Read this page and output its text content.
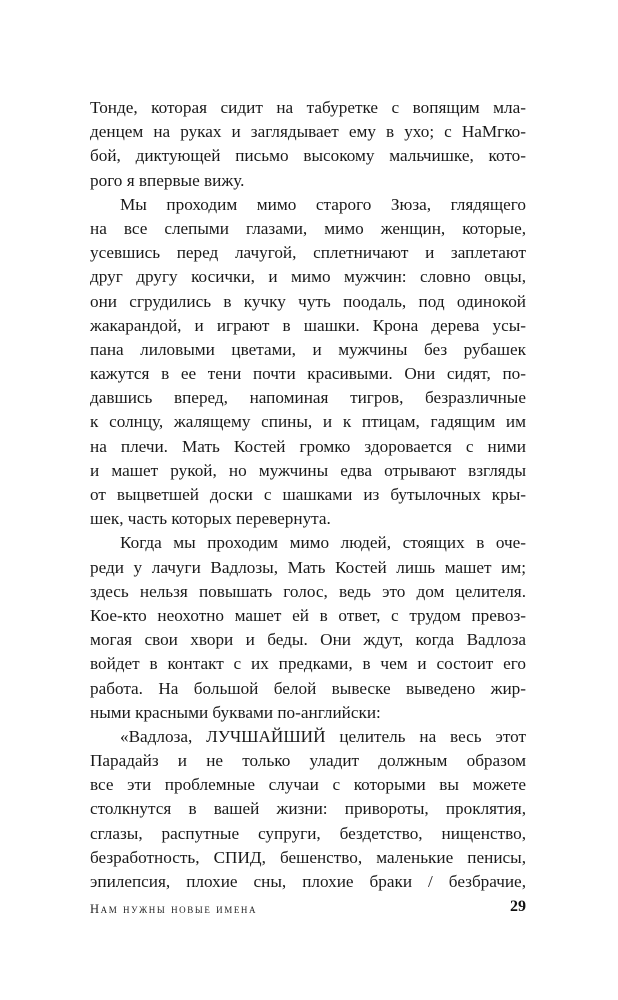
Тонде, которая сидит на табуретке с вопящим мла-
денцем на руках и заглядывает ему в ухо; с НаМгко-
бой, диктующей письмо высокому мальчишке, кото-
рого я впервые вижу.
Мы проходим мимо старого Зюза, глядящего
на все слепыми глазами, мимо женщин, которые,
усевшись перед лачугой, сплетничают и заплетают
друг другу косички, и мимо мужчин: словно овцы,
они сгрудились в кучку чуть поодаль, под одинокой
жакарандой, и играют в шашки. Крона дерева усы-
пана лиловыми цветами, и мужчины без рубашек
кажутся в ее тени почти красивыми. Они сидят, по-
давшись вперед, напоминая тигров, безразличные
к солнцу, жалящему спины, и к птицам, гадящим им
на плечи. Мать Костей громко здоровается с ними
и машет рукой, но мужчины едва отрывают взгляды
от выцветшей доски с шашками из бутылочных кры-
шек, часть которых перевернута.
Когда мы проходим мимо людей, стоящих в оче-
реди у лачуги Вадлозы, Мать Костей лишь машет им;
здесь нельзя повышать голос, ведь это дом целителя.
Кое-кто неохотно машет ей в ответ, с трудом превоз-
могая свои хвори и беды. Они ждут, когда Вадлоза
войдет в контакт с их предками, в чем и состоит его
работа. На большой белой вывеске выведено жир-
ными красными буквами по-английски:
«Вадлоза, ЛУЧШАЙШИЙ целитель на весь этот
Парадайз и не только уладит должным образом
все эти проблемные случаи с которыми вы можете
столкнутся в вашей жизни: привороты, проклятия,
сглазы, распутные супруги, бездетство, нищенство,
безработность, СПИД, бешенство, маленькие пенисы,
эпилепсия, плохие сны, плохие браки / безбрачие,
Нам нужны новые имена	29
